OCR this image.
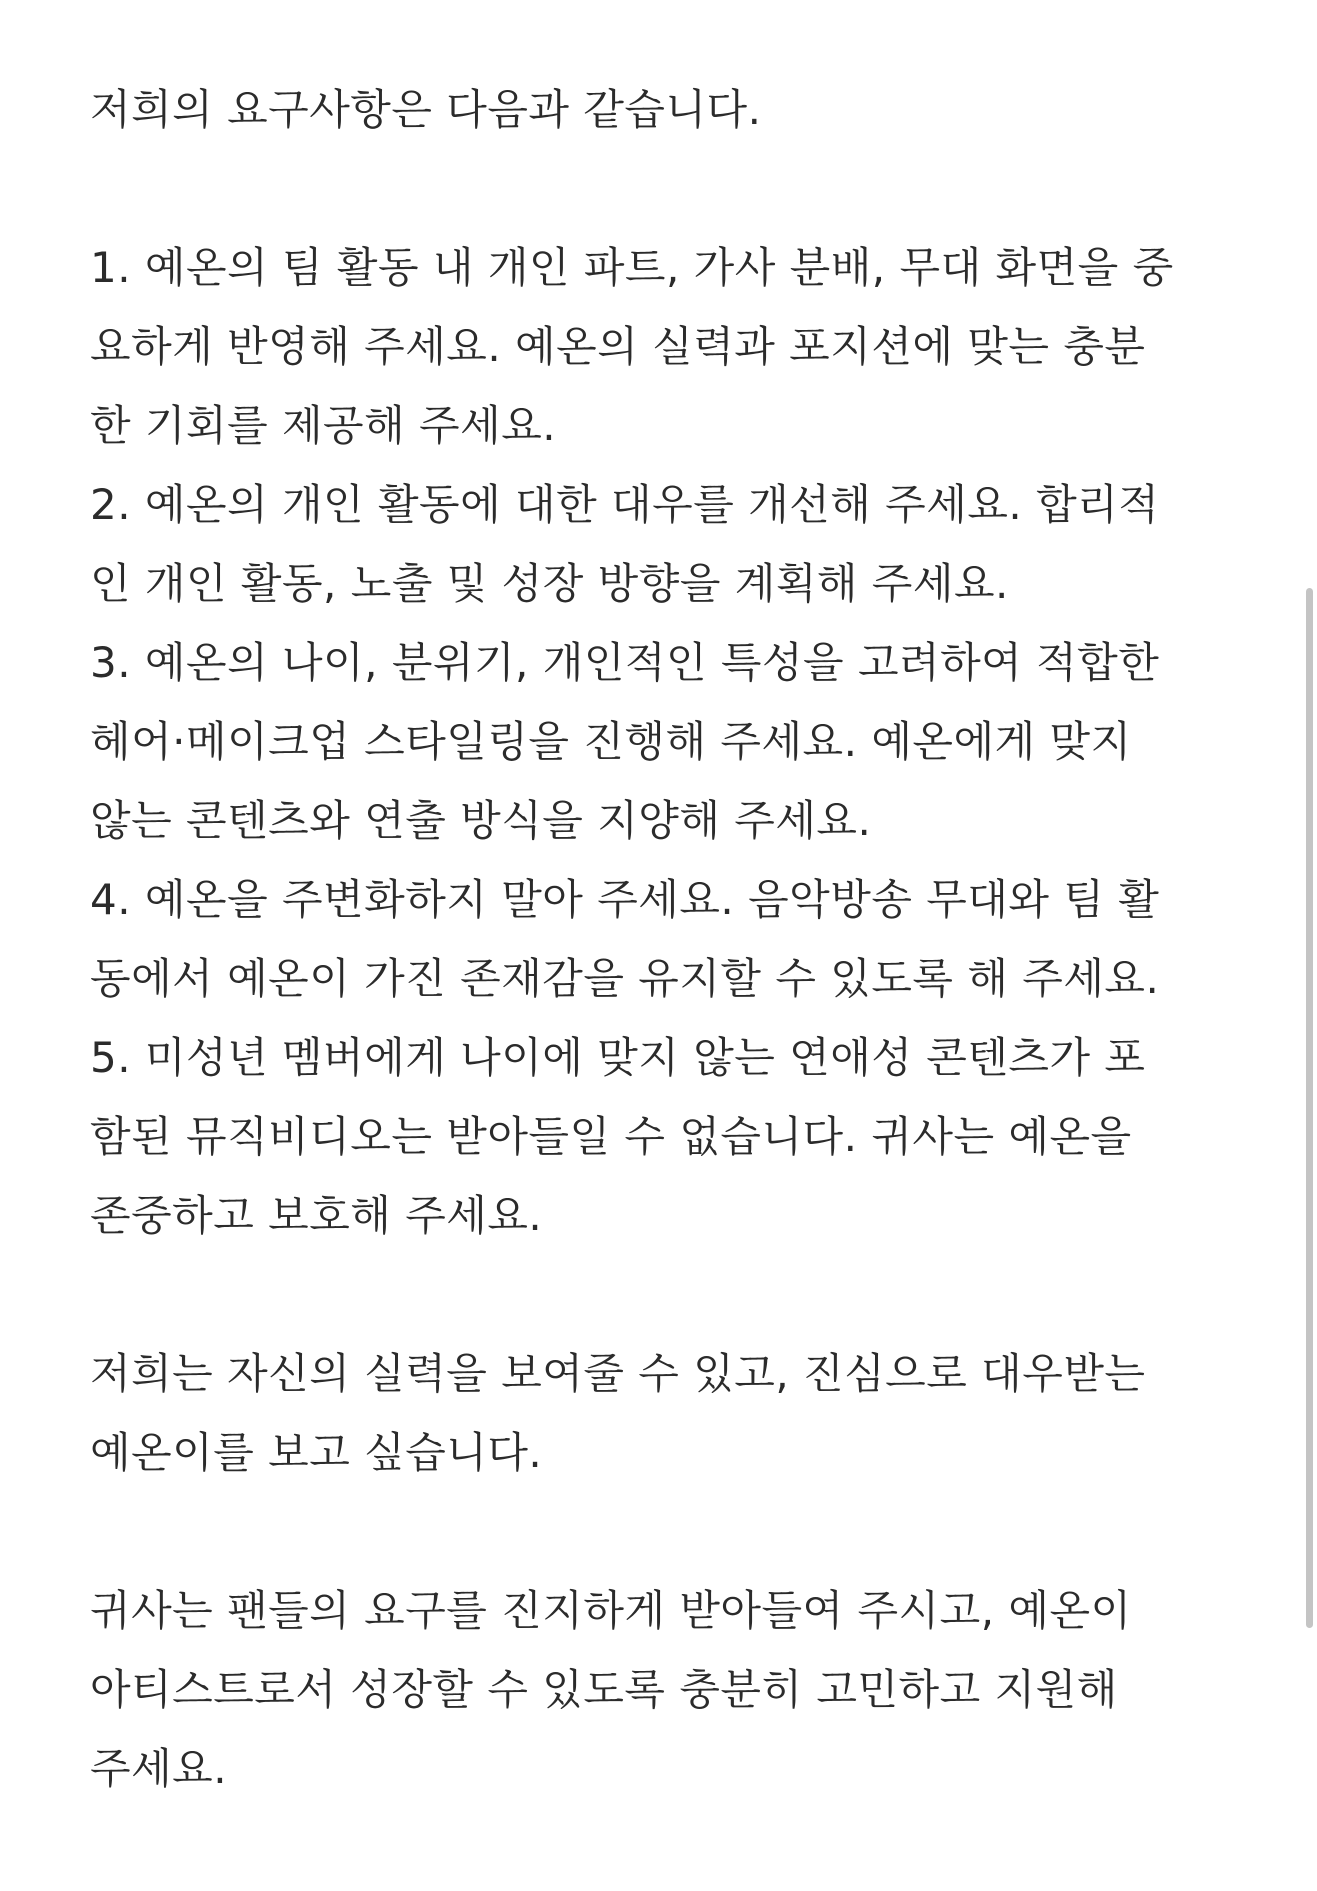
저희의 요구사항은 다음과 같습니다.
1. 예온의 팀 활동 내 개인 파트, 가사 분배, 무대 화면을 중
요하게 반영해 주세요. 예온의 실력과 포지션에 맞는 충분
한 기회를 제공해 주세요.
2. 예온의 개인 활동에 대한 대우를 개선해 주세요. 합리적
인 개인 활동, 노출 및 성장 방향을 계획해 주세요.
3. 예온의 나이, 분위기, 개인적인 특성을 고려하여 적합한
헤어·메이크업 스타일링을 진행해 주세요. 예온에게 맞지
않는 콘텐츠와 연출 방식을 지양해 주세요.
4. 예온을 주변화하지 말아 주세요. 음악방송 무대와 팀 활
동에서 예온이 가진 존재감을 유지할 수 있도록 해 주세요.
5. 미성년 멤버에게 나이에 맞지 않는 연애성 콘텐츠가 포
함된 뮤직비디오는 받아들일 수 없습니다. 귀사는 예온을
존중하고 보호해 주세요.
저희는 자신의 실력을 보여줄 수 있고, 진심으로 대우받는
예온이를 보고 싶습니다.
귀사는 팬들의 요구를 진지하게 받아들여 주시고, 예온이
아티스트로서 성장할 수 있도록 충분히 고민하고 지원해
주세요.
